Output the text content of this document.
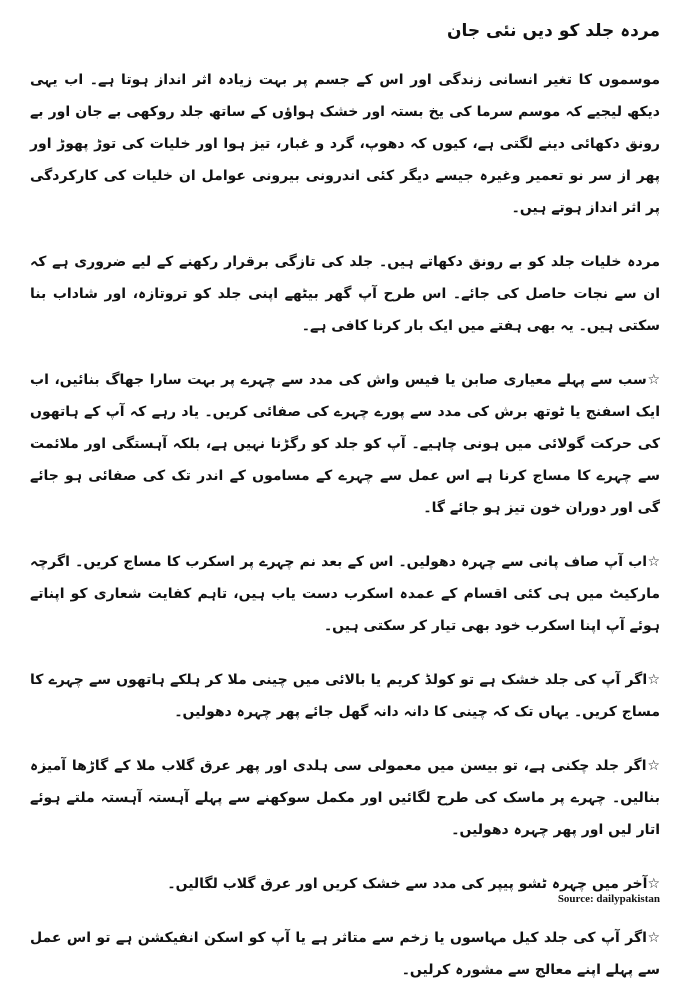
مردہ جلد کو دیں نئی جان
موسموں کا تغیر انسانی زندگی اور اس کے جسم پر بہت زیادہ اثر انداز ہوتا ہے۔ اب یہی دیکھ لیجیے کہ موسم سرما کی یخ بستہ اور خشک ہواؤں کے ساتھ جلد روکھی بے جان اور بے رونق دکھائی دینے لگتی ہے، کیوں کہ دھوپ، گرد و غبار، تیز ہوا اور خلیات کی توڑ پھوڑ اور پھر از سر نو تعمیر وغیرہ جیسے دیگر کئی اندرونی بیرونی عوامل ان خلیات کی کارکردگی پر اثر انداز ہوتے ہیں۔
مردہ خلیات جلد کو بے رونق دکھاتے ہیں۔ جلد کی تازگی برقرار رکھنے کے لیے ضروری ہے کہ ان سے نجات حاصل کی جائے۔ اس طرح آپ گھر بیٹھے اپنی جلد کو تروتازہ، اور شاداب بنا سکتی ہیں۔ یہ بھی ہفتے میں ایک بار کرنا کافی ہے۔
☆سب سے پہلے معیاری صابن یا فیس واش کی مدد سے چہرے پر بہت سارا جھاگ بنائیں، اب ایک اسفنج یا ٹوتھ برش کی مدد سے پورے چہرے کی صفائی کریں۔ یاد رہے کہ آپ کے ہاتھوں کی حرکت گولائی میں ہونی چاہیے۔ آپ کو جلد کو رگڑنا نہیں ہے، بلکہ آہستگی اور ملائمت سے چہرے کا مساج کرنا ہے اس عمل سے چہرے کے مساموں کے اندر تک کی صفائی ہو جائے گی اور دوران خون تیز ہو جائے گا۔
☆اب آپ صاف پانی سے چہرہ دھولیں۔ اس کے بعد نم چہرے پر اسکرب کا مساج کریں۔ اگرچہ مارکیٹ میں ہی کئی اقسام کے عمدہ اسکرب دست یاب ہیں، تاہم کفایت شعاری کو اپناتے ہوئے آپ اپنا اسکرب خود بھی تیار کر سکتی ہیں۔
☆اگر آپ کی جلد خشک ہے تو کولڈ کریم یا بالائی میں چینی ملا کر ہلکے ہاتھوں سے چہرے کا مساج کریں۔ یہاں تک کہ چینی کا دانہ دانہ گھل جائے پھر چہرہ دھولیں۔
☆اگر جلد چکنی ہے، تو بیسن میں معمولی سی ہلدی اور پھر عرق گلاب ملا کے گاڑھا آمیزہ بنالیں۔ چہرے پر ماسک کی طرح لگائیں اور مکمل سوکھنے سے پہلے آہستہ آہستہ ملتے ہوئے اتار لیں اور پھر چہرہ دھولیں۔
☆آخر میں چہرہ ٹشو پیپر کی مدد سے خشک کریں اور عرق گلاب لگالیں۔
☆اگر آپ کی جلد کیل مہاسوں یا زخم سے متاثر ہے یا آپ کو اسکن انفیکشن ہے تو اس عمل سے پہلے اپنے معالج سے مشورہ کرلیں۔
Source: dailypakistan
